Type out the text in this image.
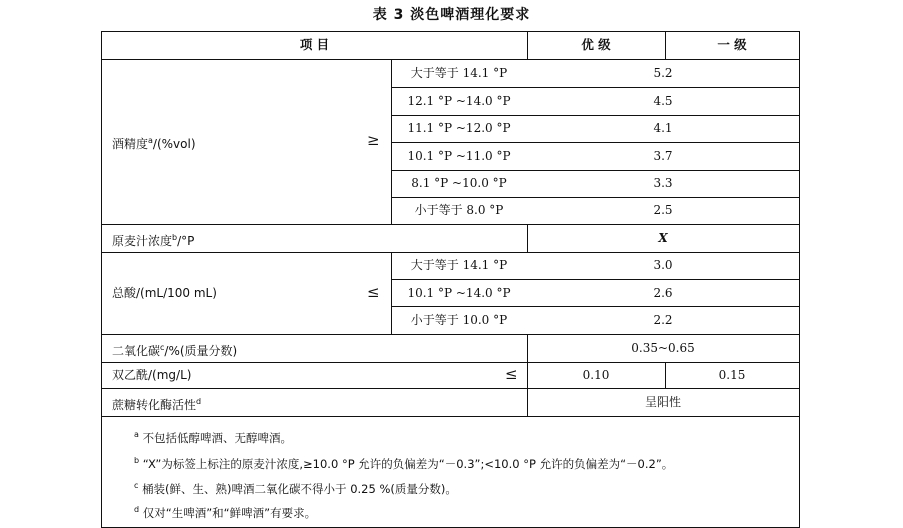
表 3 淡色啤酒理化要求
项 目	优 级	一 级
酒精度$^a$/(%vol)	≥
大于等于 14.1 °P	5.2
12.1 °P ~14.0 °P	4.5
11.1 °P ~12.0 °P	4.1
10.1 °P ~11.0 °P	3.7
8.1 °P ~10.0 °P	3.3
小于等于 8.0 °P	2.5
原麦汁浓度$^b$/°P	X
总酸/(mL/100 mL)	≤
大于等于 14.1 °P	3.0
10.1 °P ~14.0 °P	2.6
小于等于 10.0 °P	2.2
二氧化碳$^c$/%(质量分数)	0.35~0.65
双乙酰/(mg/L)	≤	0.10	0.15
蔗糖转化酶活性$^d$	呈阳性
$^a$ 不包括低醇啤酒、无醇啤酒。
$^b$ “X”为标签上标注的原麦汁浓度,≥10.0 °P 允许的负偏差为“－0.3”;<10.0 °P 允许的负偏差为“－0.2”。
$^c$ 桶装(鲜、生、熟)啤酒二氧化碳不得小于 0.25 %(质量分数)。
$^d$ 仅对“生啤酒”和“鲜啤酒”有要求。
